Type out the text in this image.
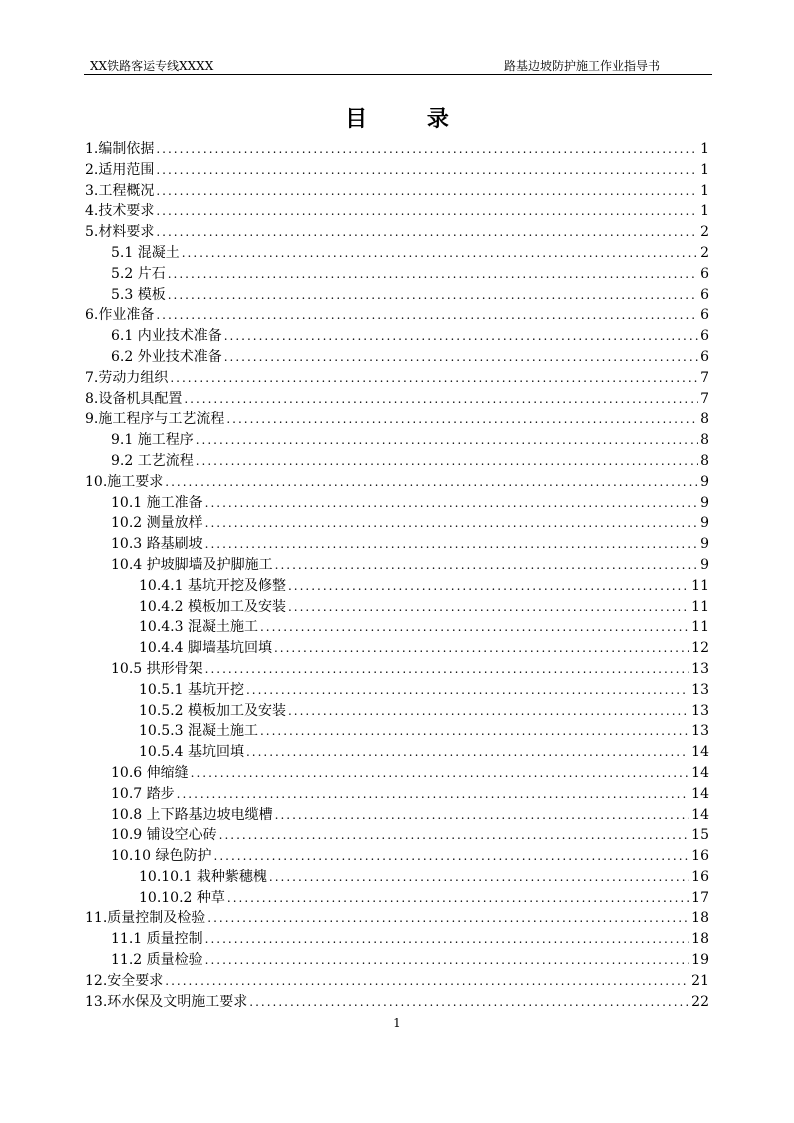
XX铁路客运专线XXXX	路基边坡防护施工作业指导书
目 录
1.编制依据 .....	1
2.适用范围 .....	1
3.工程概况 .....	1
4.技术要求 .....	1
5.材料要求 .....	2
5.1 混凝土 .....	2
5.2 片石 .....	6
5.3 模板 .....	6
6.作业准备 .....	6
6.1 内业技术准备 .....	6
6.2 外业技术准备 .....	6
7.劳动力组织 .....	7
8.设备机具配置 .....	7
9.施工程序与工艺流程 .....	8
9.1 施工程序 .....	8
9.2 工艺流程 .....	8
10.施工要求 .....	9
10.1 施工准备 .....	9
10.2 测量放样 .....	9
10.3 路基刷坡 .....	9
10.4 护坡脚墙及护脚施工 .....	9
10.4.1 基坑开挖及修整 .....	11
10.4.2 模板加工及安装 .....	11
10.4.3 混凝土施工 .....	11
10.4.4 脚墙基坑回填 .....	12
10.5 拱形骨架 .....	13
10.5.1 基坑开挖 .....	13
10.5.2 模板加工及安装 .....	13
10.5.3 混凝土施工 .....	13
10.5.4 基坑回填 .....	14
10.6 伸缩缝 .....	14
10.7 踏步 .....	14
10.8 上下路基边坡电缆槽 .....	14
10.9 铺设空心砖 .....	15
10.10 绿色防护 .....	16
10.10.1 栽种紫穗槐 .....	16
10.10.2 种草 .....	17
11.质量控制及检验 .....	18
11.1 质量控制 .....	18
11.2 质量检验 .....	19
12.安全要求 .....	21
13.环水保及文明施工要求 .....	22
1
